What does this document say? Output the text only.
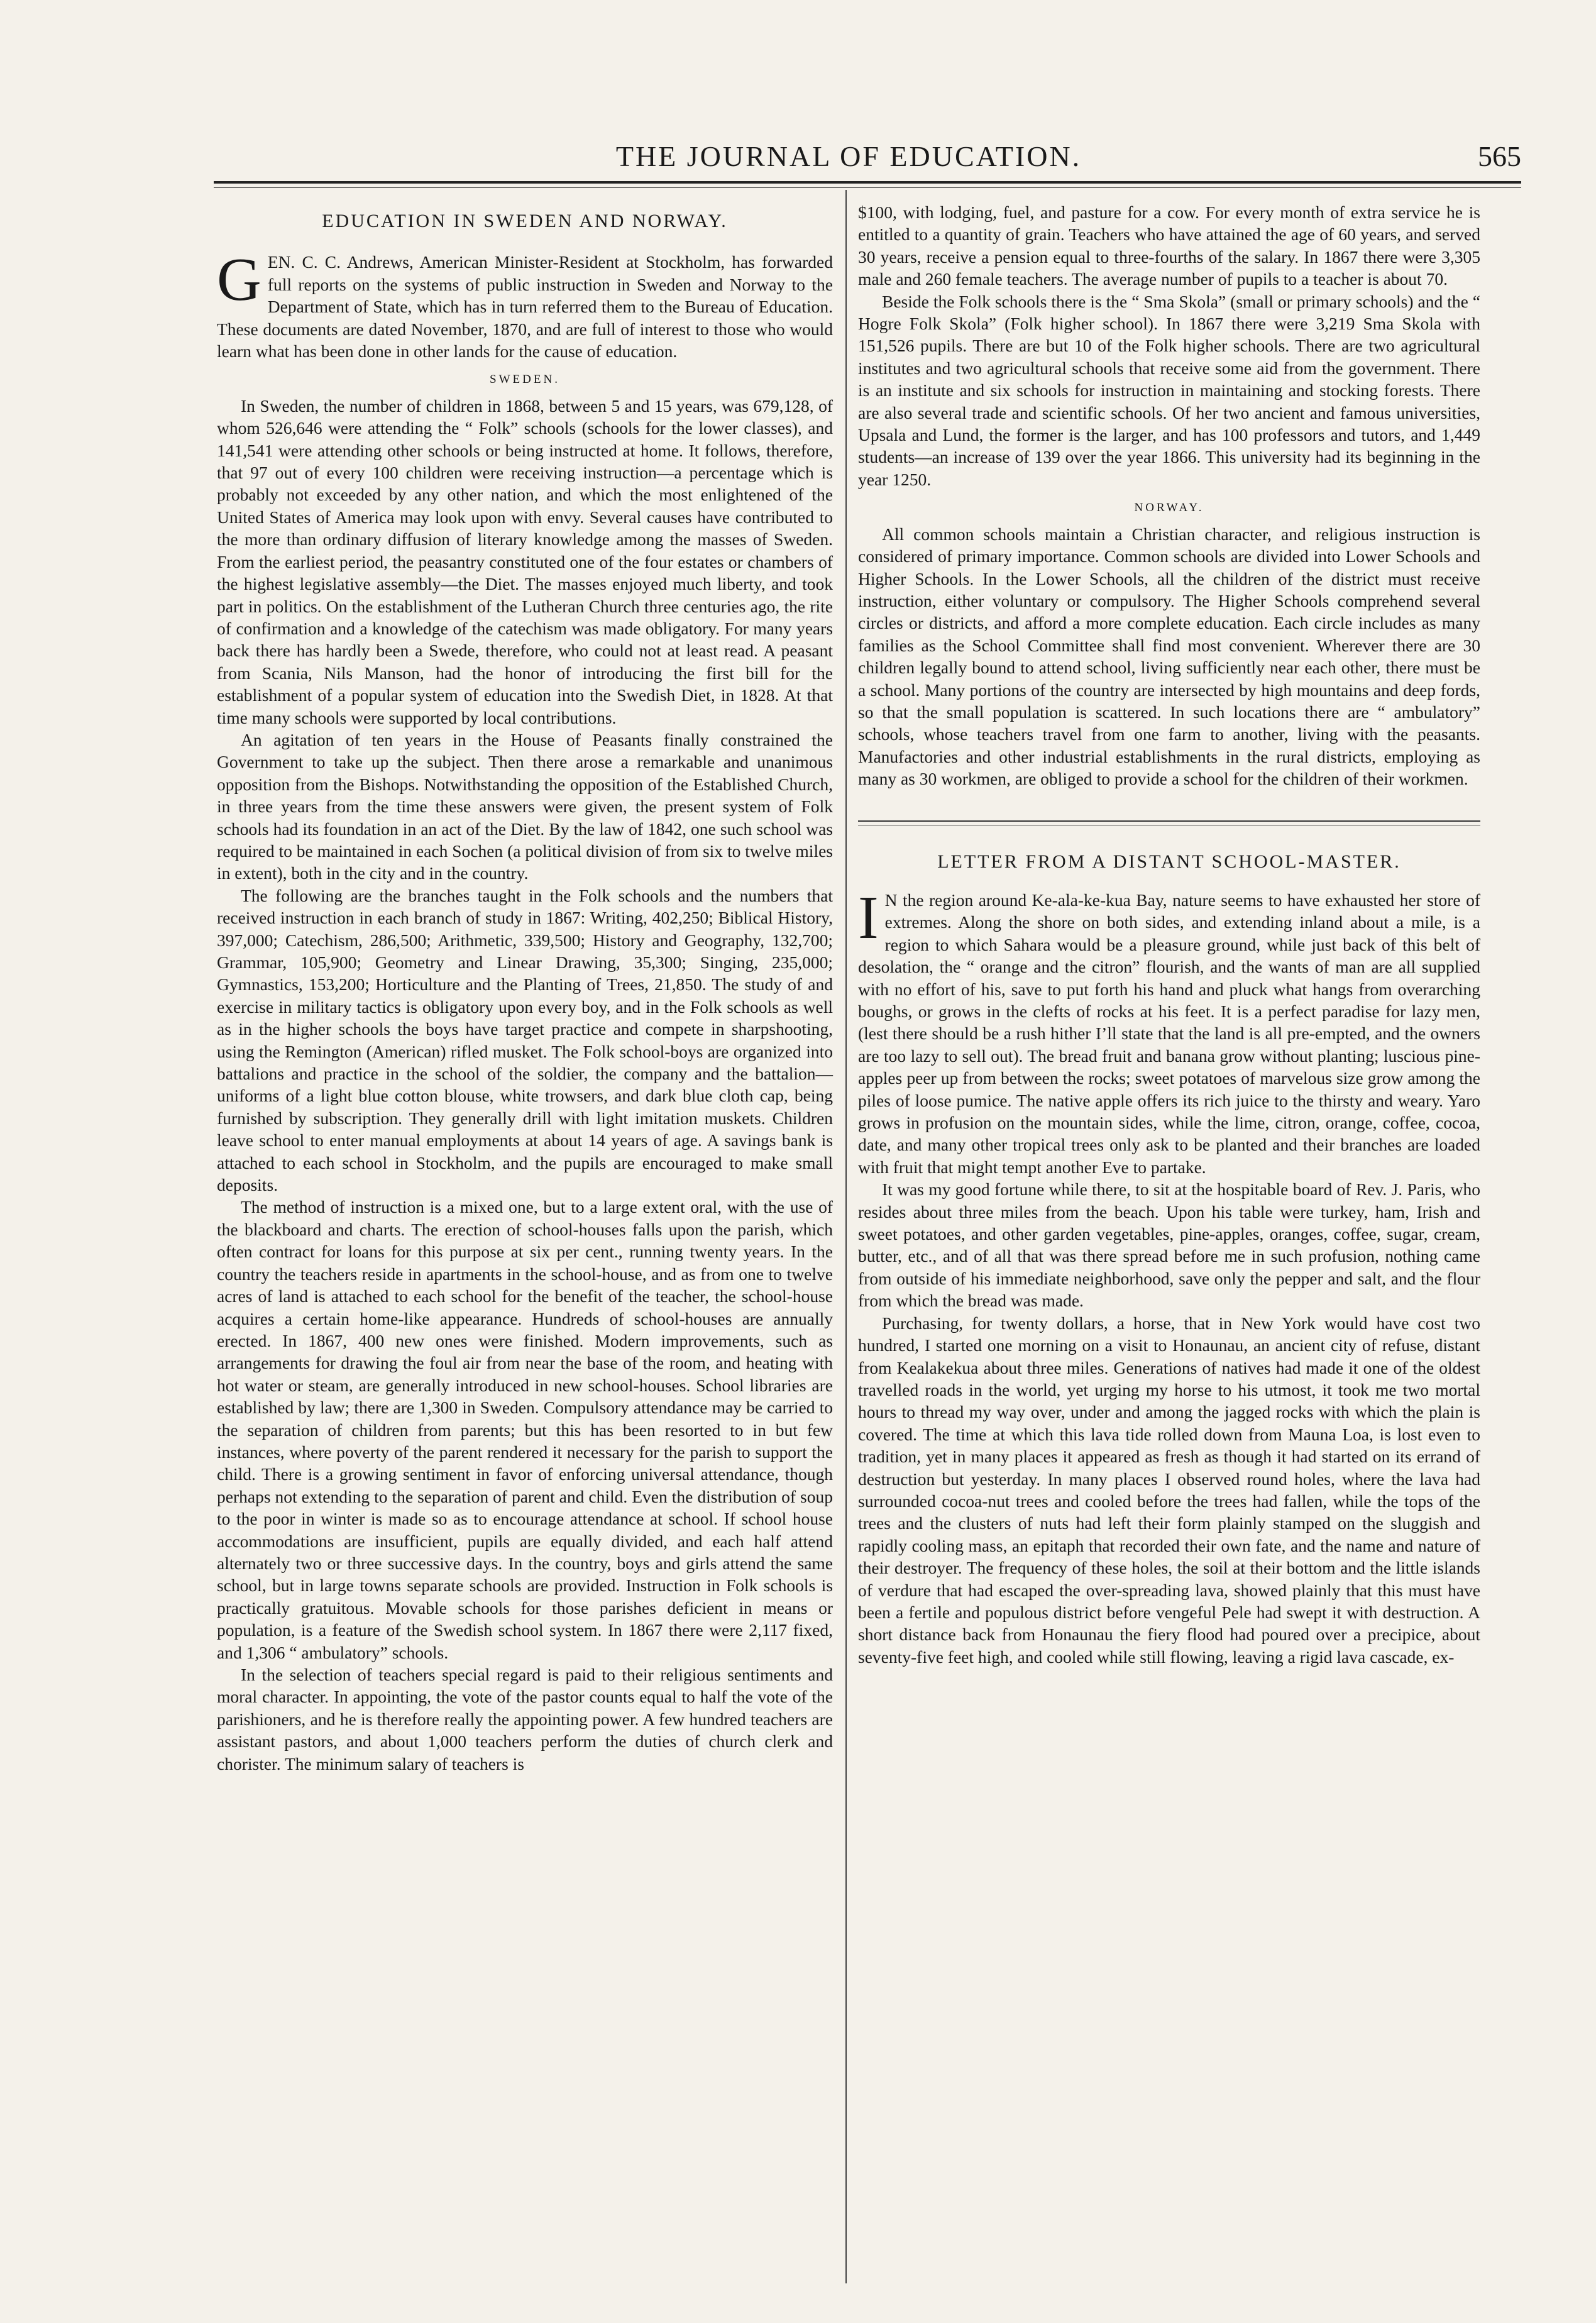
THE JOURNAL OF EDUCATION.	565
EDUCATION IN SWEDEN AND NORWAY.
G EN. C. C. Andrews, American Minister-Resident at Stockholm, has forwarded full reports on the systems of public instruction in Sweden and Norway to the Department of State, which has in turn referred them to the Bureau of Education. These documents are dated November, 1870, and are full of interest to those who would learn what has been done in other lands for the cause of education.

SWEDEN.

In Sweden, the number of children in 1868, between 5 and 15 years, was 679,128, of whom 526,646 were attending the “ Folk” schools (schools for the lower classes), and 141,541 were attending other schools or being instructed at home. It follows, therefore, that 97 out of every 100 children were receiving instruction—a percentage which is probably not exceeded by any other nation, and which the most enlightened of the United States of America may look upon with envy. Several causes have contributed to the more than ordinary diffusion of literary knowledge among the masses of Sweden. From the earliest period, the peasantry constituted one of the four estates or chambers of the highest legislative assembly—the Diet. The masses enjoyed much liberty, and took part in politics. On the establishment of the Lutheran Church three centuries ago, the rite of confirmation and a knowledge of the catechism was made obligatory. For many years back there has hardly been a Swede, therefore, who could not at least read. A peasant from Scania, Nils Manson, had the honor of introducing the first bill for the establishment of a popular system of education into the Swedish Diet, in 1828. At that time many schools were supported by local contributions.

An agitation of ten years in the House of Peasants finally constrained the Government to take up the subject. Then there arose a remarkable and unanimous opposition from the Bishops. Notwithstanding the opposition of the Established Church, in three years from the time these answers were given, the present system of Folk schools had its foundation in an act of the Diet. By the law of 1842, one such school was required to be maintained in each Sochen (a political division of from six to twelve miles in extent), both in the city and in the country.

The following are the branches taught in the Folk schools and the numbers that received instruction in each branch of study in 1867: Writing, 402,250; Biblical History, 397,000; Catechism, 286,500; Arithmetic, 339,500; History and Geography, 132,700; Grammar, 105,900; Geometry and Linear Drawing, 35,300; Singing, 235,000; Gymnastics, 153,200; Horticulture and the Planting of Trees, 21,850. The study of and exercise in military tactics is obligatory upon every boy, and in the Folk schools as well as in the higher schools the boys have target practice and compete in sharpshooting, using the Remington (American) rifled musket. The Folk school-boys are organized into battalions and practice in the school of the soldier, the company and the battalion—uniforms of a light blue cotton blouse, white trowsers, and dark blue cloth cap, being furnished by subscription. They generally drill with light imitation muskets. Children leave school to enter manual employments at about 14 years of age. A savings bank is attached to each school in Stockholm, and the pupils are encouraged to make small deposits.

The method of instruction is a mixed one, but to a large extent oral, with the use of the blackboard and charts. The erection of school-houses falls upon the parish, which often contract for loans for this purpose at six per cent., running twenty years. In the country the teachers reside in apartments in the school-house, and as from one to twelve acres of land is attached to each school for the benefit of the teacher, the school-house acquires a certain home-like appearance. Hundreds of school-houses are annually erected. In 1867, 400 new ones were finished. Modern improvements, such as arrangements for drawing the foul air from near the base of the room, and heating with hot water or steam, are generally introduced in new school-houses. School libraries are established by law; there are 1,300 in Sweden. Compulsory attendance may be carried to the separation of children from parents; but this has been resorted to in but few instances, where poverty of the parent rendered it necessary for the parish to support the child. There is a growing sentiment in favor of enforcing universal attendance, though perhaps not extending to the separation of parent and child. Even the distribution of soup to the poor in winter is made so as to encourage attendance at school. If school house accommodations are insufficient, pupils are equally divided, and each half attend alternately two or three successive days. In the country, boys and girls attend the same school, but in large towns separate schools are provided. Instruction in Folk schools is practically gratuitous. Movable schools for those parishes deficient in means or population, is a feature of the Swedish school system. In 1867 there were 2,117 fixed, and 1,306 “ ambulatory” schools.

In the selection of teachers special regard is paid to their religious sentiments and moral character. In appointing, the vote of the pastor counts equal to half the vote of the parishioners, and he is therefore really the appointing power. A few hundred teachers are assistant pastors, and about 1,000 teachers perform the duties of church clerk and chorister. The minimum salary of teachers is

$100, with lodging, fuel, and pasture for a cow. For every month of extra service he is entitled to a quantity of grain. Teachers who have attained the age of 60 years, and served 30 years, receive a pension equal to three-fourths of the salary. In 1867 there were 3,305 male and 260 female teachers. The average number of pupils to a teacher is about 70.

Beside the Folk schools there is the “ Sma Skola” (small or primary schools) and the “ Hogre Folk Skola” (Folk higher school). In 1867 there were 3,219 Sma Skola with 151,526 pupils. There are but 10 of the Folk higher schools. There are two agricultural institutes and two agricultural schools that receive some aid from the government. There is an institute and six schools for instruction in maintaining and stocking forests. There are also several trade and scientific schools. Of her two ancient and famous universities, Upsala and Lund, the former is the larger, and has 100 professors and tutors, and 1,449 students—an increase of 139 over the year 1866. This university had its beginning in the year 1250.

NORWAY.

All common schools maintain a Christian character, and religious instruction is considered of primary importance. Common schools are divided into Lower Schools and Higher Schools. In the Lower Schools, all the children of the district must receive instruction, either voluntary or compulsory. The Higher Schools comprehend several circles or districts, and afford a more complete education. Each circle includes as many families as the School Committee shall find most convenient. Wherever there are 30 children legally bound to attend school, living sufficiently near each other, there must be a school. Many portions of the country are intersected by high mountains and deep fords, so that the small population is scattered. In such locations there are “ ambulatory” schools, whose teachers travel from one farm to another, living with the peasants. Manufactories and other industrial establishments in the rural districts, employing as many as 30 workmen, are obliged to provide a school for the children of their workmen.

LETTER FROM A DISTANT SCHOOL-MASTER.
I N the region around Ke-ala-ke-kua Bay, nature seems to have exhausted her store of extremes. Along the shore on both sides, and extending inland about a mile, is a region to which Sahara would be a pleasure ground, while just back of this belt of desolation, the “ orange and the citron” flourish, and the wants of man are all supplied with no effort of his, save to put forth his hand and pluck what hangs from overarching boughs, or grows in the clefts of rocks at his feet. It is a perfect paradise for lazy men, (lest there should be a rush hither I’ll state that the land is all pre-empted, and the owners are too lazy to sell out). The bread fruit and banana grow without planting; luscious pine-apples peer up from between the rocks; sweet potatoes of marvelous size grow among the piles of loose pumice. The native apple offers its rich juice to the thirsty and weary. Yaro grows in profusion on the mountain sides, while the lime, citron, orange, coffee, cocoa, date, and many other tropical trees only ask to be planted and their branches are loaded with fruit that might tempt another Eve to partake.

It was my good fortune while there, to sit at the hospitable board of Rev. J. Paris, who resides about three miles from the beach. Upon his table were turkey, ham, Irish and sweet potatoes, and other garden vegetables, pine-apples, oranges, coffee, sugar, cream, butter, etc., and of all that was there spread before me in such profusion, nothing came from outside of his immediate neighborhood, save only the pepper and salt, and the flour from which the bread was made.

Purchasing, for twenty dollars, a horse, that in New York would have cost two hundred, I started one morning on a visit to Honaunau, an ancient city of refuse, distant from Kealakekua about three miles. Generations of natives had made it one of the oldest travelled roads in the world, yet urging my horse to his utmost, it took me two mortal hours to thread my way over, under and among the jagged rocks with which the plain is covered. The time at which this lava tide rolled down from Mauna Loa, is lost even to tradition, yet in many places it appeared as fresh as though it had started on its errand of destruction but yesterday. In many places I observed round holes, where the lava had surrounded cocoa-nut trees and cooled before the trees had fallen, while the tops of the trees and the clusters of nuts had left their form plainly stamped on the sluggish and rapidly cooling mass, an epitaph that recorded their own fate, and the name and nature of their destroyer. The frequency of these holes, the soil at their bottom and the little islands of verdure that had escaped the over-spreading lava, showed plainly that this must have been a fertile and populous district before vengeful Pele had swept it with destruction. A short distance back from Honaunau the fiery flood had poured over a precipice, about seventy-five feet high, and cooled while still flowing, leaving a rigid lava cascade, ex-
